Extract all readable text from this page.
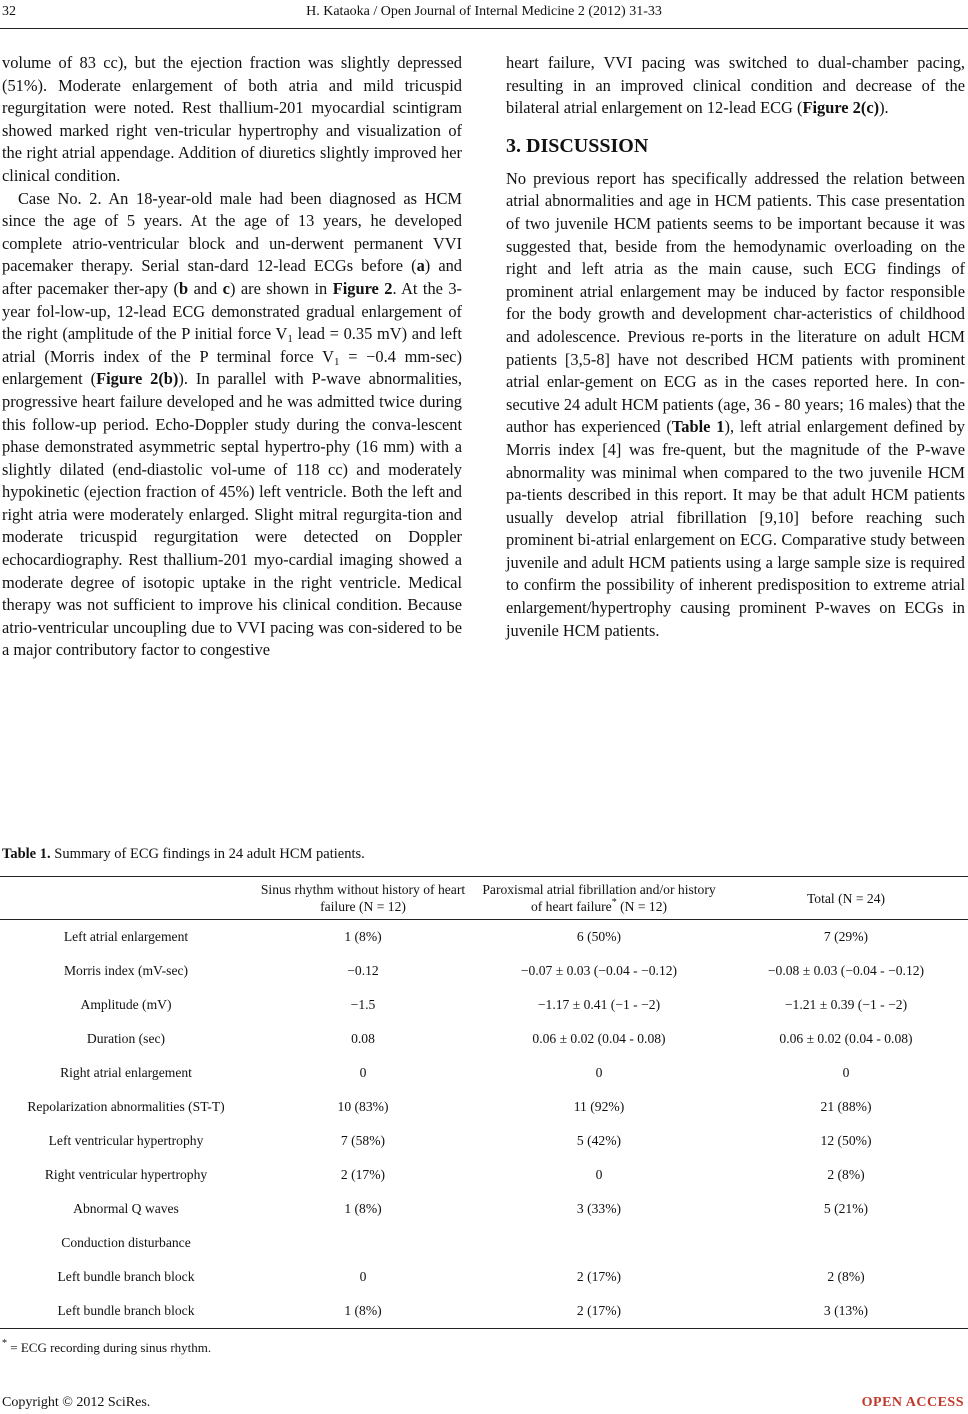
32	H. Kataoka / Open Journal of Internal Medicine 2 (2012) 31-33

volume of 83 cc), but the ejection fraction was slightly depressed (51%). Moderate enlargement of both atria and mild tricuspid regurgitation were noted. Rest thallium-201 myocardial scintigram showed marked right ven-tricular hypertrophy and visualization of the right atrial appendage. Addition of diuretics slightly improved her clinical condition.

Case No. 2. An 18-year-old male had been diagnosed as HCM since the age of 5 years. At the age of 13 years, he developed complete atrio-ventricular block and un-derwent permanent VVI pacemaker therapy. Serial stan-dard 12-lead ECGs before (a) and after pacemaker ther-apy (b and c) are shown in Figure 2. At the 3-year fol-low-up, 12-lead ECG demonstrated gradual enlargement of the right (amplitude of the P initial force $V_1$ lead = 0.35 mV) and left atrial (Morris index of the P terminal force $V_1 = -0.4$ mm-sec) enlargement (Figure 2(b)). In parallel with P-wave abnormalities, progressive heart failure developed and he was admitted twice during this follow-up period. Echo-Doppler study during the conva-lescent phase demonstrated asymmetric septal hypertro-phy (16 mm) with a slightly dilated (end-diastolic vol-ume of 118 cc) and moderately hypokinetic (ejection fraction of 45%) left ventricle. Both the left and right atria were moderately enlarged. Slight mitral regurgita-tion and moderate tricuspid regurgitation were detected on Doppler echocardiography. Rest thallium-201 myo-cardial imaging showed a moderate degree of isotopic uptake in the right ventricle. Medical therapy was not sufficient to improve his clinical condition. Because atrio-ventricular uncoupling due to VVI pacing was con-sidered to be a major contributory factor to congestive

heart failure, VVI pacing was switched to dual-chamber pacing, resulting in an improved clinical condition and decrease of the bilateral atrial enlargement on 12-lead ECG (Figure 2(c)).

3. DISCUSSION

No previous report has specifically addressed the relation between atrial abnormalities and age in HCM patients. This case presentation of two juvenile HCM patients seems to be important because it was suggested that, beside from the hemodynamic overloading on the right and left atria as the main cause, such ECG findings of prominent atrial enlargement may be induced by factor responsible for the body growth and development char-acteristics of childhood and adolescence. Previous re-ports in the literature on adult HCM patients [3,5-8] have not described HCM patients with prominent atrial enlar-gement on ECG as in the cases reported here. In con-secutive 24 adult HCM patients (age, 36 - 80 years; 16 males) that the author has experienced (Table 1), left atrial enlargement defined by Morris index [4] was fre-quent, but the magnitude of the P-wave abnormality was minimal when compared to the two juvenile HCM pa-tients described in this report. It may be that adult HCM patients usually develop atrial fibrillation [9,10] before reaching such prominent bi-atrial enlargement on ECG. Comparative study between juvenile and adult HCM patients using a large sample size is required to confirm the possibility of inherent predisposition to extreme atrial enlargement/hypertrophy causing prominent P-waves on ECGs in juvenile HCM patients.

Table 1. Summary of ECG findings in 24 adult HCM patients.
	Sinus rhythm without history of heart failure (N = 12)	Paroxismal atrial fibrillation and/or history of heart failure* (N = 12)	Total (N = 24)
Left atrial enlargement	1 (8%)	6 (50%)	7 (29%)
Morris index (mV-sec)	−0.12	−0.07 ± 0.03 (−0.04 - −0.12)	−0.08 ± 0.03 (−0.04 - −0.12)
Amplitude (mV)	−1.5	−1.17 ± 0.41 (−1 - −2)	−1.21 ± 0.39 (−1 - −2)
Duration (sec)	0.08	0.06 ± 0.02 (0.04 - 0.08)	0.06 ± 0.02 (0.04 - 0.08)
Right atrial enlargement	0	0	0
Repolarization abnormalities (ST-T)	10 (83%)	11 (92%)	21 (88%)
Left ventricular hypertrophy	7 (58%)	5 (42%)	12 (50%)
Right ventricular hypertrophy	2 (17%)	0	2 (8%)
Abnormal Q waves	1 (8%)	3 (33%)	5 (21%)
Conduction disturbance			
Left bundle branch block	0	2 (17%)	2 (8%)
Left bundle branch block	1 (8%)	2 (17%)	3 (13%)
* = ECG recording during sinus rhythm.
Copyright © 2012 SciRes.	OPEN ACCESS
